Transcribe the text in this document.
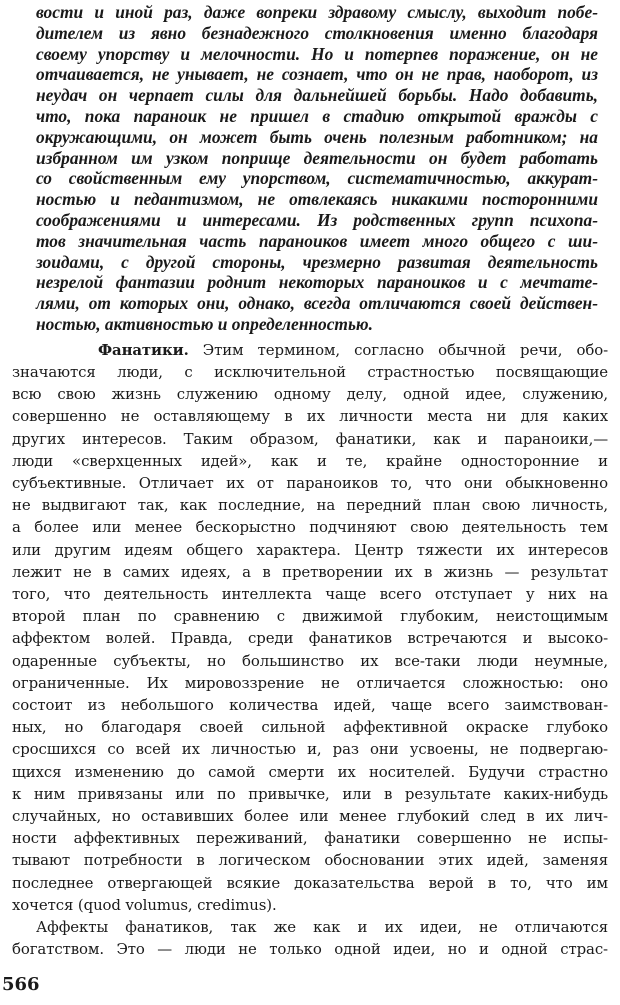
вости и иной раз, даже вопреки здравому смыслу, выходит побе-
дителем из явно безнадежного столкновения именно благодаря
своему упорству и мелочности. Но и потерпев поражение, он не
отчаивается, не унывает, не сознает, что он не прав, наоборот, из
неудач он черпает силы для дальнейшей борьбы. Надо добавить,
что, пока параноик не пришел в стадию открытой вражды с
окружающими, он может быть очень полезным работником; на
избранном им узком поприще деятельности он будет работать
со свойственным ему упорством, систематичностью, аккурат-
ностью и педантизмом, не отвлекаясь никакими посторонними
соображениями и интересами. Из родственных групп психопа-
тов значительная часть параноиков имеет много общего с ши-
зоидами, с другой стороны, чрезмерно развитая деятельность
незрелой фантазии роднит некоторых параноиков и с мечтате-
лями, от которых они, однако, всегда отличаются своей действен-
ностью, активностью и определенностью.
Фанатики. Этим термином, согласно обычной речи, обо-
значаются люди, с исключительной страстностью посвящающие
всю свою жизнь служению одному делу, одной идее, служению,
совершенно не оставляющему в их личности места ни для каких
других интересов. Таким образом, фанатики, как и параноики,—
люди «сверхценных идей», как и те, крайне односторонние и
субъективные. Отличает их от параноиков то, что они обыкновенно
не выдвигают так, как последние, на передний план свою личность,
а более или менее бескорыстно подчиняют свою деятельность тем
или другим идеям общего характера. Центр тяжести их интересов
лежит не в самих идеях, а в претворении их в жизнь — результат
того, что деятельность интеллекта чаще всего отступает у них на
второй план по сравнению с движимой глубоким, неистощимым
аффектом волей. Правда, среди фанатиков встречаются и высоко-
одаренные субъекты, но большинство их все-таки люди неумные,
ограниченные. Их мировоззрение не отличается сложностью: оно
состоит из небольшого количества идей, чаще всего заимствован-
ных, но благодаря своей сильной аффективной окраске глубоко
сросшихся со всей их личностью и, раз они усвоены, не подвергаю-
щихся изменению до самой смерти их носителей. Будучи страстно
к ним привязаны или по привычке, или в результате каких-нибудь
случайных, но оставивших более или менее глубокий след в их лич-
ности аффективных переживаний, фанатики совершенно не испы-
тывают потребности в логическом обосновании этих идей, заменяя
последнее отвергающей всякие доказательства верой в то, что им
хочется (quod volumus, credimus).
Аффекты фанатиков, так же как и их идеи, не отличаются
богатством. Это — люди не только одной идеи, но и одной страс-

566
